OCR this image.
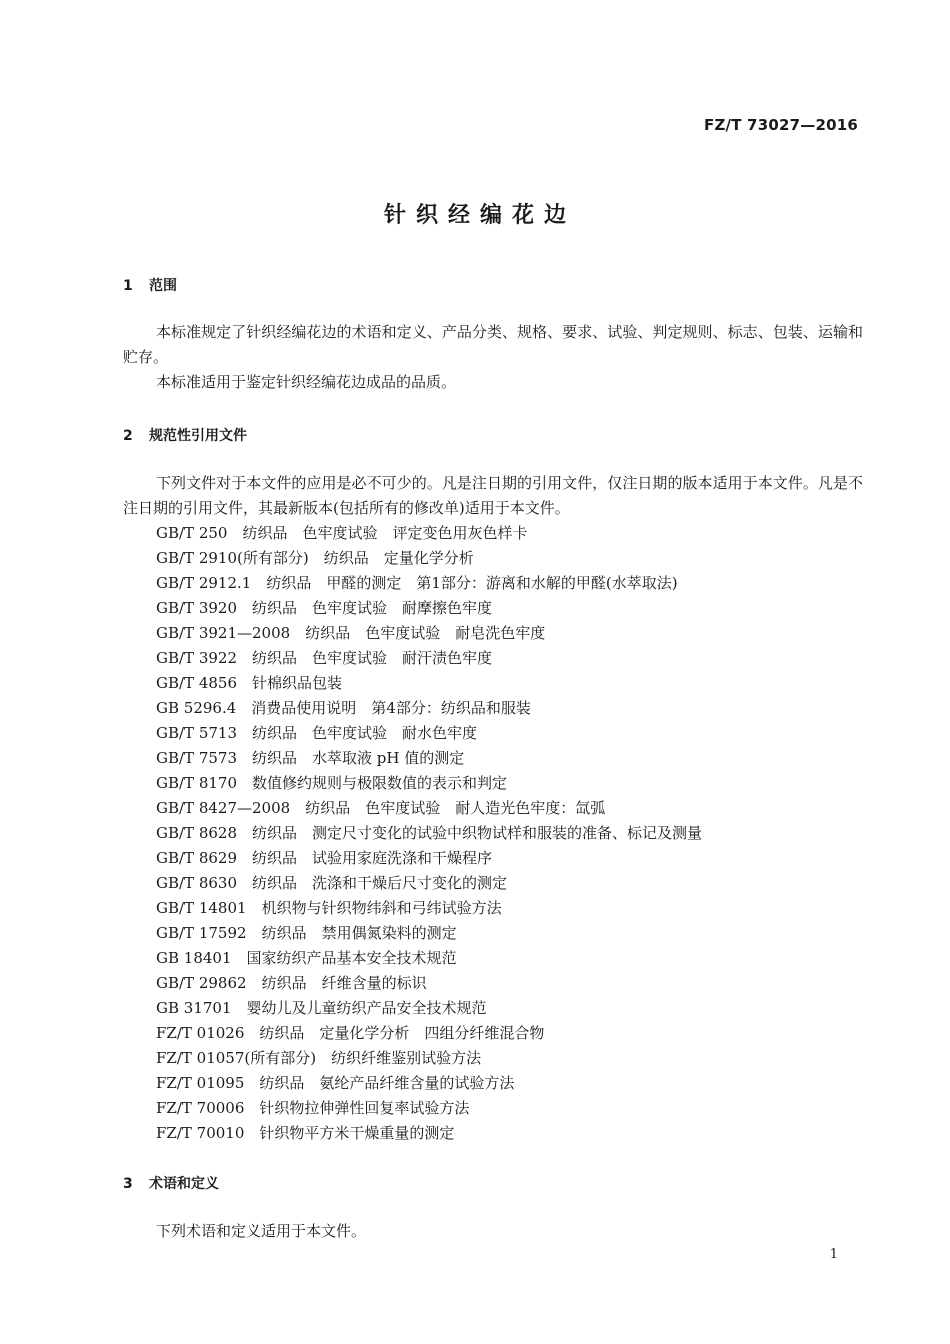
FZ/T 73027—2016
针织经编花边
1 范围

本标准规定了针织经编花边的术语和定义、产品分类、规格、要求、试验、判定规则、标志、包装、运输和贮存。

本标准适用于鉴定针织经编花边成品的品质。

2 规范性引用文件

下列文件对于本文件的应用是必不可少的。凡是注日期的引用文件，仅注日期的版本适用于本文件。凡是不注日期的引用文件，其最新版本(包括所有的修改单)适用于本文件。

GB/T 250　 纺织品　色牢度试验　评定变色用灰色样卡
GB/T 2910(所有部分)　 纺织品　定量化学分析
GB/T 2912.1　 纺织品　甲醛的测定　第1部分：游离和水解的甲醛(水萃取法)
GB/T 3920　 纺织品　色牢度试验　耐摩擦色牢度
GB/T 3921—2008　 纺织品　色牢度试验　耐皂洗色牢度
GB/T 3922　 纺织品　色牢度试验　耐汗渍色牢度
GB/T 4856　 针棉织品包装
GB 5296.4　 消费品使用说明　第4部分：纺织品和服装
GB/T 5713　 纺织品　色牢度试验　耐水色牢度
GB/T 7573　 纺织品　水萃取液 pH 值的测定
GB/T 8170　 数值修约规则与极限数值的表示和判定
GB/T 8427—2008　 纺织品　色牢度试验　耐人造光色牢度：氙弧
GB/T 8628　 纺织品　测定尺寸变化的试验中织物试样和服装的准备、标记及测量
GB/T 8629　 纺织品　试验用家庭洗涤和干燥程序
GB/T 8630　 纺织品　洗涤和干燥后尺寸变化的测定
GB/T 14801　 机织物与针织物纬斜和弓纬试验方法
GB/T 17592　 纺织品　禁用偶氮染料的测定
GB 18401　 国家纺织产品基本安全技术规范
GB/T 29862　 纺织品　纤维含量的标识
GB 31701　 婴幼儿及儿童纺织产品安全技术规范
FZ/T 01026　 纺织品　定量化学分析　四组分纤维混合物
FZ/T 01057(所有部分)　 纺织纤维鉴别试验方法
FZ/T 01095　 纺织品　氨纶产品纤维含量的试验方法
FZ/T 70006　 针织物拉伸弹性回复率试验方法
FZ/T 70010　 针织物平方米干燥重量的测定
3 术语和定义

下列术语和定义适用于本文件。

1
